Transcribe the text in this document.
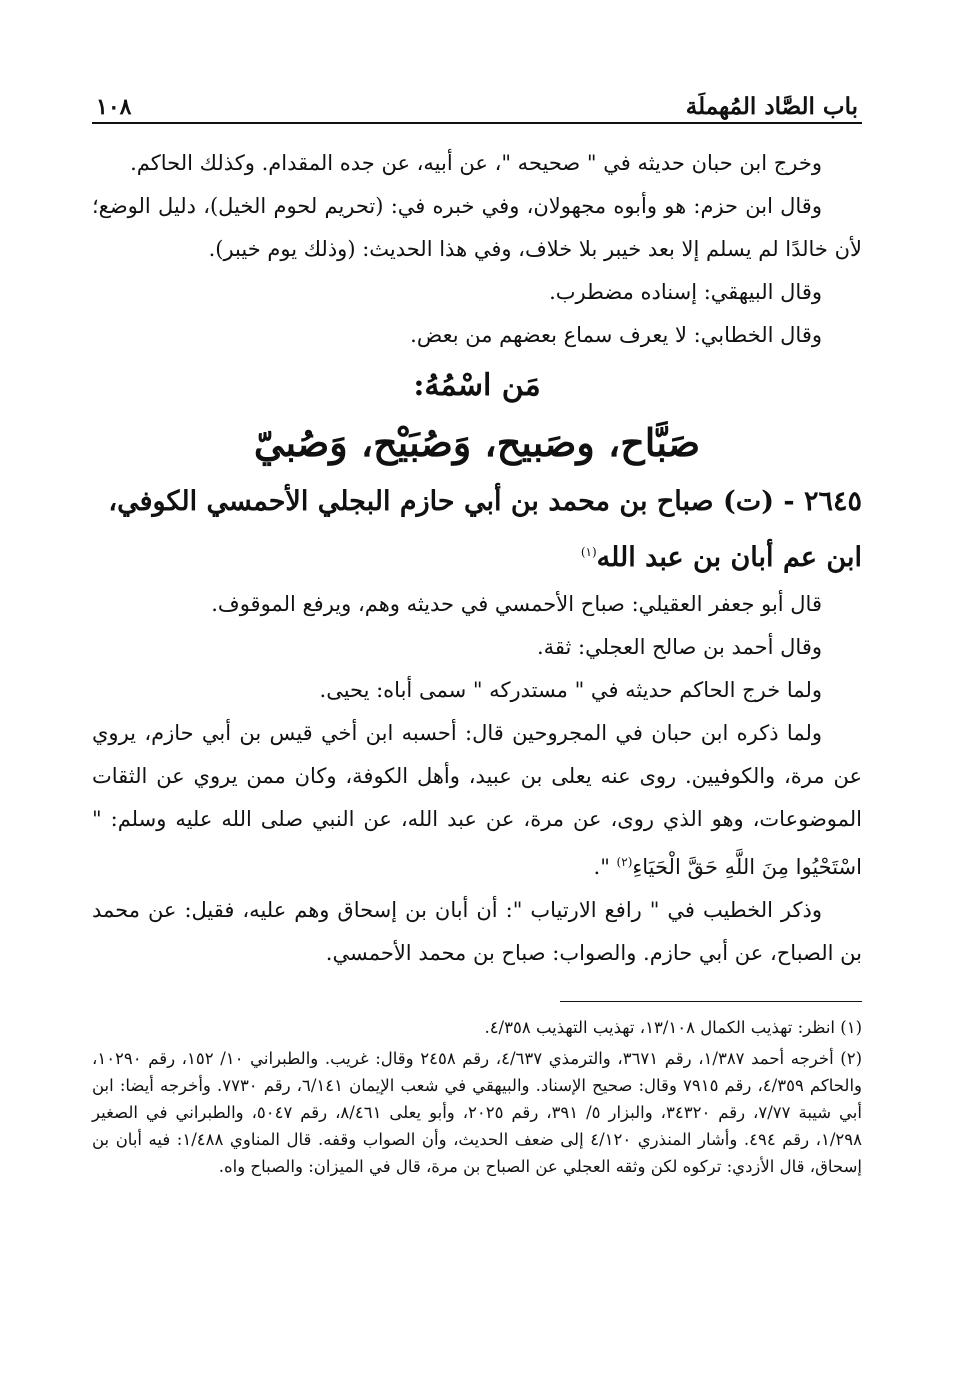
باب الصَّاد المُهملَة
١٠٨

وخرج ابن حبان حديثه في " صحيحه "، عن أبيه، عن جده المقدام. وكذلك الحاكم.

وقال ابن حزم: هو وأبوه مجهولان، وفي خبره في: (تحريم لحوم الخيل)، دليل الوضع؛ لأن خالدًا لم يسلم إلا بعد خيبر بلا خلاف، وفي هذا الحديث: (وذلك يوم خيبر).

وقال البيهقي: إسناده مضطرب.

وقال الخطابي: لا يعرف سماع بعضهم من بعض.

مَن اسْمُهُ:
صَبَّاح، وصَبيح، وَصُبَيْح، وَصُبيّ
٢٦٤٥ - (ت) صباح بن محمد بن أبي حازم البجلي الأحمسي الكوفي،
ابن عم أبان بن عبد الله$^{(١)}$

قال أبو جعفر العقيلي: صباح الأحمسي في حديثه وهم، ويرفع الموقوف.

وقال أحمد بن صالح العجلي: ثقة.

ولما خرج الحاكم حديثه في " مستدركه " سمى أباه: يحيى.

ولما ذكره ابن حبان في المجروحين قال: أحسبه ابن أخي قيس بن أبي حازم، يروي عن مرة، والكوفيين. روى عنه يعلى بن عبيد، وأهل الكوفة، وكان ممن يروي عن الثقات الموضوعات، وهو الذي روى، عن مرة، عن عبد الله، عن النبي صلى الله عليه وسلم: " اسْتَحْيُوا مِنَ اللَّهِ حَقَّ الْحَيَاءِ$^{(٢)}$ ".

وذكر الخطيب في " رافع الارتياب ": أن أبان بن إسحاق وهم عليه، فقيل: عن محمد بن الصباح، عن أبي حازم. والصواب: صباح بن محمد الأحمسي.

(١) انظر: تهذيب الكمال ١٣/١٠٨، تهذيب التهذيب ٤/٣٥٨.

(٢) أخرجه أحمد ١/٣٨٧، رقم ٣٦٧١، والترمذي ٤/٦٣٧، رقم ٢٤٥٨ وقال: غريب. والطبراني ١٠/ ١٥٢، رقم ١٠٢٩٠، والحاكم ٤/٣٥٩، رقم ٧٩١٥ وقال: صحيح الإسناد. والبيهقي في شعب الإيمان ٦/١٤١، رقم ٧٧٣٠. وأخرجه أيضا: ابن أبي شيبة ٧/٧٧، رقم ٣٤٣٢٠، والبزار ٥/ ٣٩١، رقم ٢٠٢٥، وأبو يعلى ٨/٤٦١، رقم ٥٠٤٧، والطبراني في الصغير ١/٢٩٨، رقم ٤٩٤. وأشار المنذري ٤/١٢٠ إلى ضعف الحديث، وأن الصواب وقفه. قال المناوي ١/٤٨٨: فيه أبان بن إسحاق، قال الأزدي: تركوه لكن وثقه العجلي عن الصباح بن مرة، قال في الميزان: والصباح واه.
